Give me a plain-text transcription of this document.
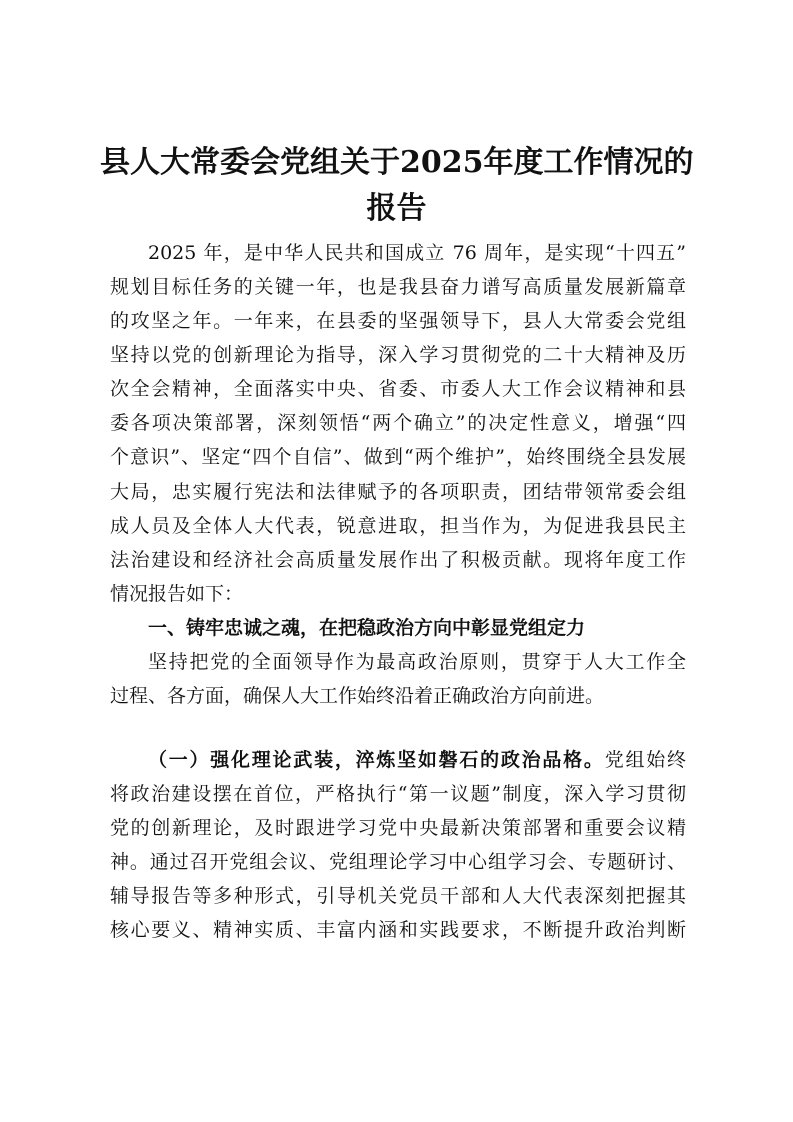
县人大常委会党组关于2025年度工作情况的
报告
2025 年，是中华人民共和国成立 76 周年，是实现“十四五”
规划目标任务的关键一年，也是我县奋力谱写高质量发展新篇章
的攻坚之年。一年来，在县委的坚强领导下，县人大常委会党组
坚持以党的创新理论为指导，深入学习贯彻党的二十大精神及历
次全会精神，全面落实中央、省委、市委人大工作会议精神和县
委各项决策部署，深刻领悟“两个确立”的决定性意义，增强“四
个意识”、坚定“四个自信”、做到“两个维护”，始终围绕全县发展
大局，忠实履行宪法和法律赋予的各项职责，团结带领常委会组
成人员及全体人大代表，锐意进取，担当作为，为促进我县民主
法治建设和经济社会高质量发展作出了积极贡献。现将年度工作
情况报告如下：
一、铸牢忠诚之魂，在把稳政治方向中彰显党组定力
坚持把党的全面领导作为最高政治原则，贯穿于人大工作全
过程、各方面，确保人大工作始终沿着正确政治方向前进。
（一）强化理论武装，淬炼坚如磐石的政治品格。党组始终
将政治建设摆在首位，严格执行“第一议题”制度，深入学习贯彻
党的创新理论，及时跟进学习党中央最新决策部署和重要会议精
神。通过召开党组会议、党组理论学习中心组学习会、专题研讨、
辅导报告等多种形式，引导机关党员干部和人大代表深刻把握其
核心要义、精神实质、丰富内涵和实践要求，不断提升政治判断
